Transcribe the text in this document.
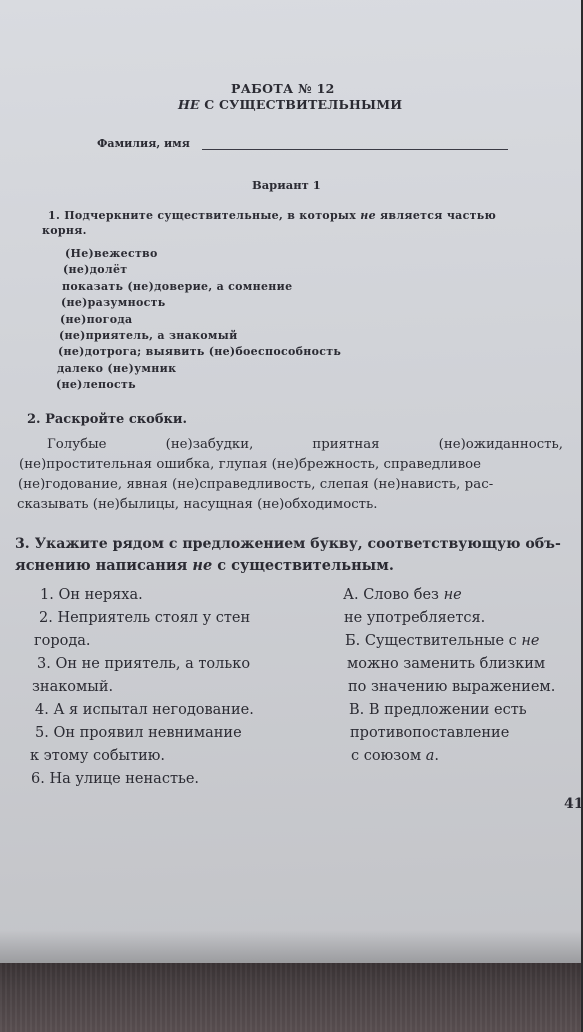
РАБОТА № 12
НЕ С СУЩЕСТВИТЕЛЬНЫМИ
Фамилия, имя
Вариант 1
1. Подчеркните существительные, в которых не является частью
корня.
(Не)вежество
(не)долёт
показать (не)доверие, а сомнение
(не)разумность
(не)погода
(не)приятель, а знакомый
(не)дотрога; выявить (не)боеспособность
далеко (не)умник
(не)лепость
2. Раскройте скобки.
Голубые	(не)забудки,	приятная	(не)ожиданность,
(не)простительная ошибка, глупая (не)брежность, справедливое
(не)годование, явная (не)справедливость, слепая (не)нависть, рас-
сказывать (не)былицы, насущная (не)обходимость.
3. Укажите рядом с предложением букву, соответствующую объ-
яснению написания не с существительным.
1. Он неряха.
2. Неприятель стоял у стен
города.
3. Он не приятель, а только
знакомый.
4. А я испытал негодование.
5. Он проявил невнимание
к этому событию.
6. На улице ненастье.
А. Слово без не
не употребляется.
Б. Существительные с не
можно заменить близким
по значению выражением.
В. В предложении есть
противопоставление
с союзом а.
41
